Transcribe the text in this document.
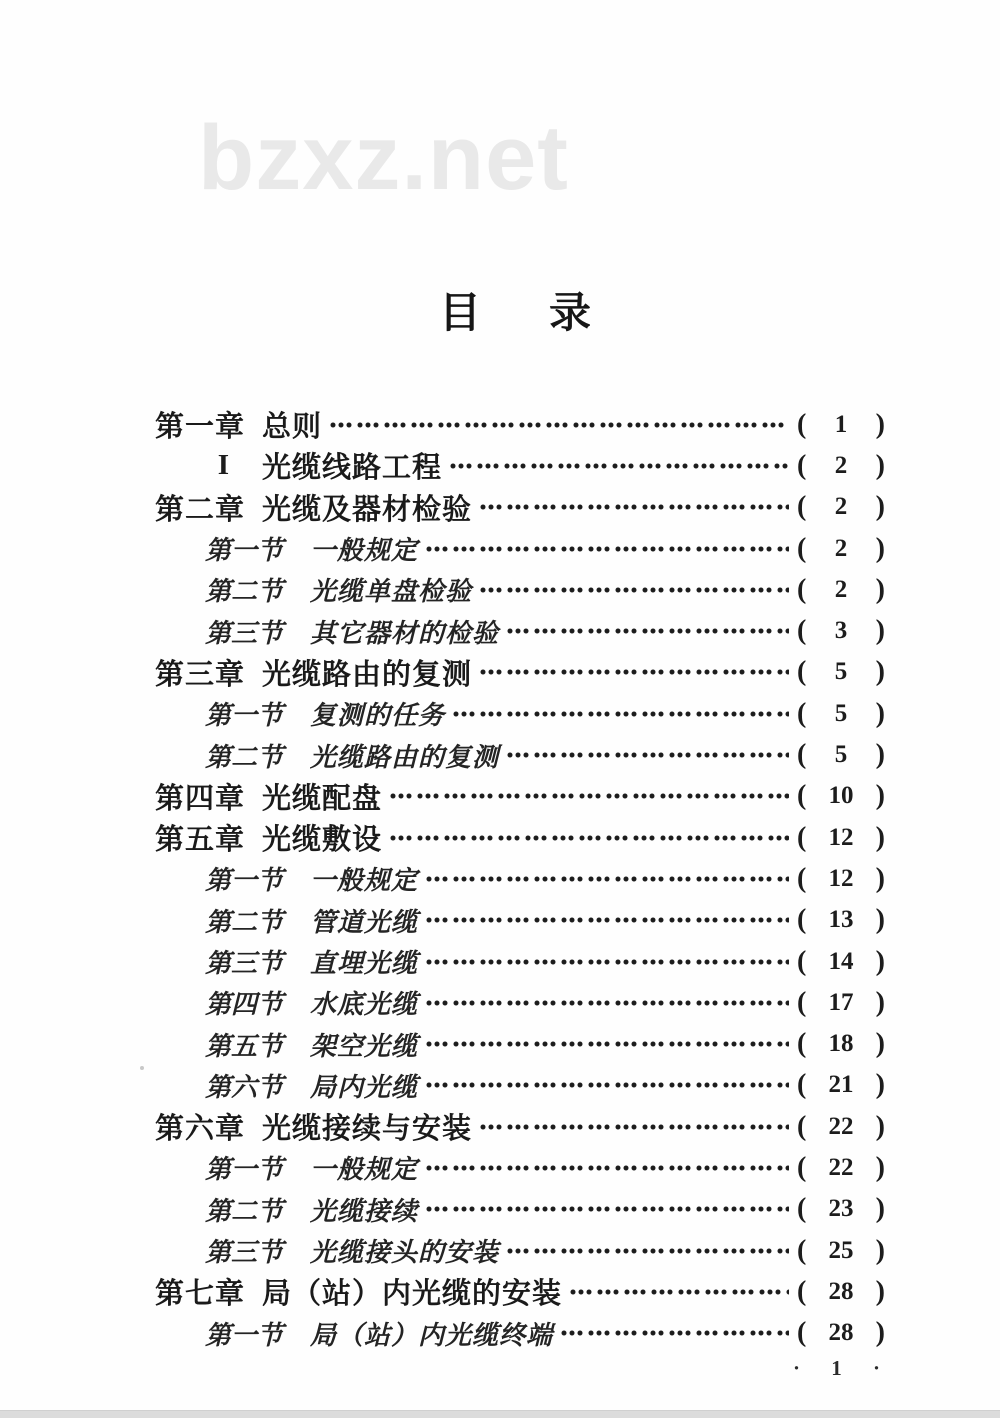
bzxz.net
目 录
第一章 总则	(	1	)
I	光缆线路工程	(	2	)
第二章 光缆及器材检验	(	2	)
第一节 一般规定	(	2	)
第二节 光缆单盘检验	(	2	)
第三节 其它器材的检验	(	3	)
第三章 光缆路由的复测	(	5	)
第一节 复测的任务	(	5	)
第二节 光缆路由的复测	(	5	)
第四章 光缆配盘	( 10 )
第五章 光缆敷设	( 12 )
第一节 一般规定	( 12 )
第二节 管道光缆	( 13 )
第三节 直埋光缆	( 14 )
第四节 水底光缆	( 17 )
第五节 架空光缆	( 18 )
第六节 局内光缆	( 21 )
第六章 光缆接续与安装	( 22 )
第一节 一般规定	( 22 )
第二节 光缆接续	( 23 )
第三节 光缆接头的安装	( 25 )
第七章 局（站）内光缆的安装	( 28 )
第一节 局（站）内光缆终端	( 28 )
· 1 ·
